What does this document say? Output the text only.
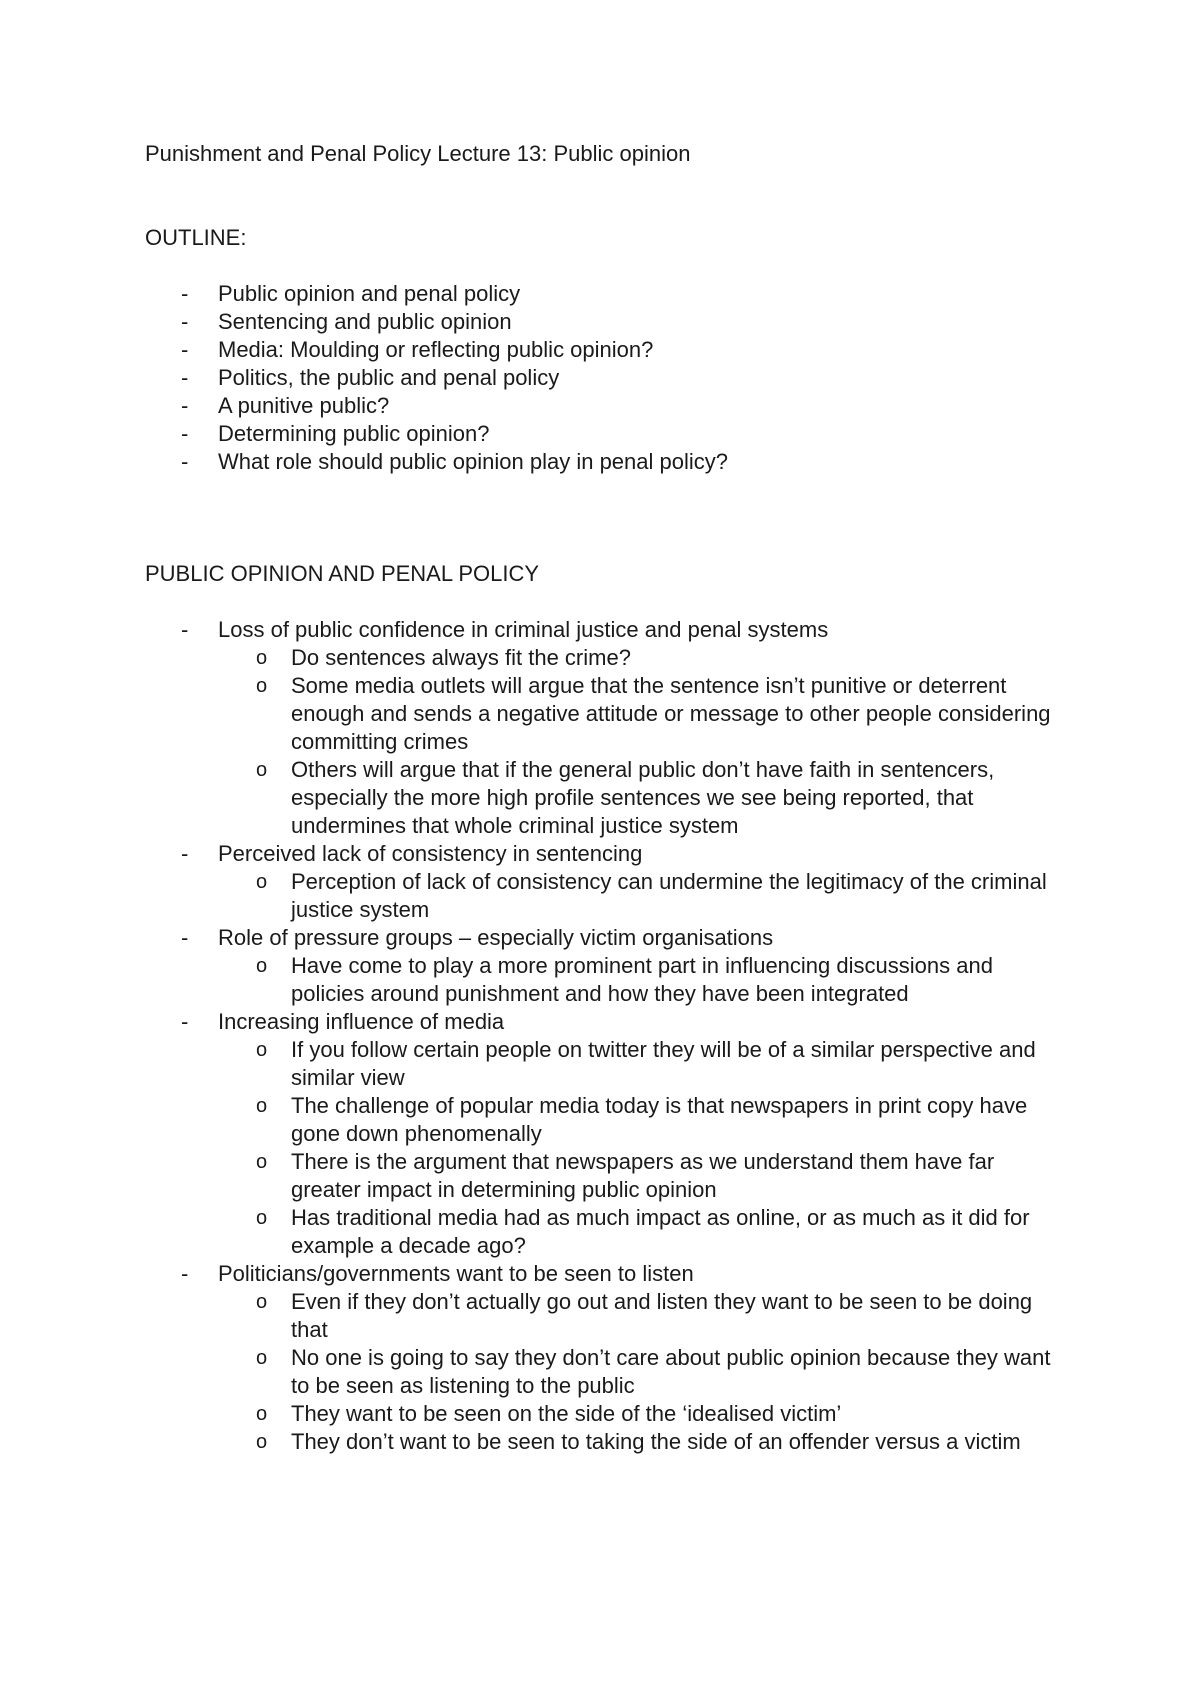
Punishment and Penal Policy Lecture 13: Public opinion
OUTLINE:
- Public opinion and penal policy
- Sentencing and public opinion
- Media: Moulding or reflecting public opinion?
- Politics, the public and penal policy
- A punitive public?
- Determining public opinion?
- What role should public opinion play in penal policy?
PUBLIC OPINION AND PENAL POLICY
- Loss of public confidence in criminal justice and penal systems
o Do sentences always fit the crime?
o Some media outlets will argue that the sentence isn’t punitive or deterrent enough and sends a negative attitude or message to other people considering committing crimes
o Others will argue that if the general public don’t have faith in sentencers, especially the more high profile sentences we see being reported, that undermines that whole criminal justice system
- Perceived lack of consistency in sentencing
o Perception of lack of consistency can undermine the legitimacy of the criminal justice system
- Role of pressure groups – especially victim organisations
o Have come to play a more prominent part in influencing discussions and policies around punishment and how they have been integrated
- Increasing influence of media
o If you follow certain people on twitter they will be of a similar perspective and similar view
o The challenge of popular media today is that newspapers in print copy have gone down phenomenally
o There is the argument that newspapers as we understand them have far greater impact in determining public opinion
o Has traditional media had as much impact as online, or as much as it did for example a decade ago?
- Politicians/governments want to be seen to listen
o Even if they don’t actually go out and listen they want to be seen to be doing that
o No one is going to say they don’t care about public opinion because they want to be seen as listening to the public
o They want to be seen on the side of the ‘idealised victim’
o They don’t want to be seen to taking the side of an offender versus a victim
